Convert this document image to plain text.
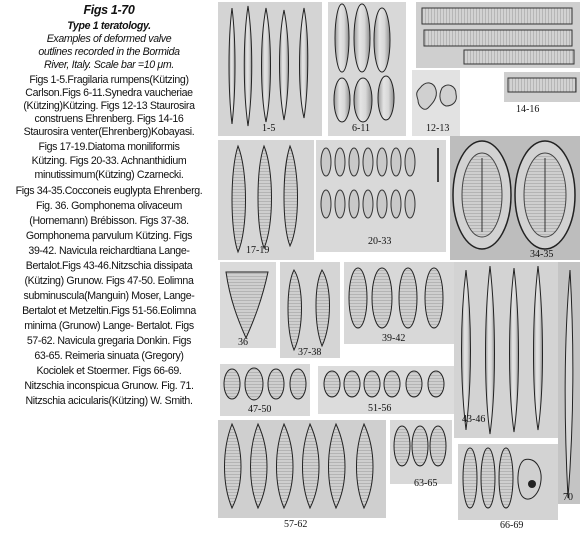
Figs 1-70
Type 1 teratology.
Examples of deformed valve
outlines recorded in the Bormida
River, Italy. Scale bar =10 μm.
Figs 1-5.Fragilaria rumpens(Kützing)
Carlson.Figs 6-11.Synedra vaucheriae
(Kützing)Kützing. Figs 12-13 Staurosira
construens Ehrenberg. Figs 14-16
Staurosira venter(Ehrenberg)Kobayasi.
Figs 17-19.Diatoma moniliformis
Kützing. Figs 20-33. Achnanthidium
minutissimum(Kützing) Czarnecki.
Figs 34-35.Cocconeis euglypta Ehrenberg.
Fig. 36. Gomphonema olivaceum
(Hornemann) Brébisson. Figs 37-38.
Gomphonema parvulum Kützing. Figs
39-42. Navicula reichardtiana Lange-
Bertalot.Figs 43-46.Nitzschia dissipata
(Kützing) Grunow. Figs 47-50. Eolimna
subminuscula(Manguin) Moser, Lange-
Bertalot et Metzeltin.Figs 51-56.Eolimna
minima (Grunow) Lange- Bertalot. Figs
57-62. Navicula gregaria Donkin. Figs
63-65. Reimeria sinuata (Gregory)
Kociolek et Stoermer. Figs 66-69.
Nitzschia inconspicua Grunow. Fig. 71.
Nitzschia acicularis(Kützing) W. Smith.
1-5	6-11	12-13
14-16
17-19
20-33
34-35
36
37-38
39-42
43-46
70
47-50	51-56
57-62
63-65
66-69
